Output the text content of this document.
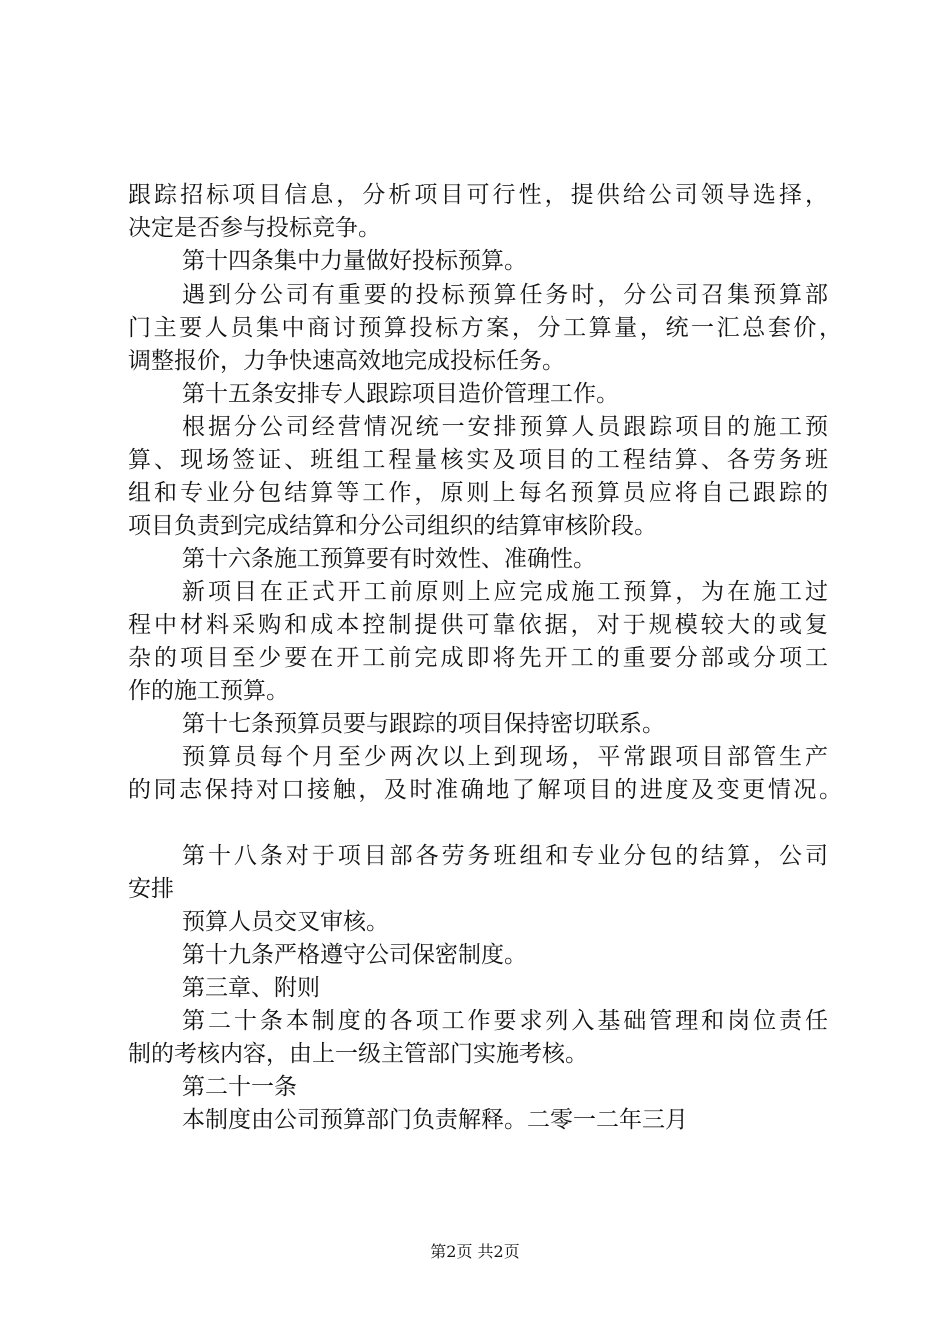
跟踪招标项目信息，分析项目可行性，提供给公司领导选择，
决定是否参与投标竞争。
第十四条集中力量做好投标预算。
遇到分公司有重要的投标预算任务时，分公司召集预算部
门主要人员集中商讨预算投标方案，分工算量，统一汇总套价，
调整报价，力争快速高效地完成投标任务。
第十五条安排专人跟踪项目造价管理工作。
根据分公司经营情况统一安排预算人员跟踪项目的施工预
算、现场签证、班组工程量核实及项目的工程结算、各劳务班
组和专业分包结算等工作，原则上每名预算员应将自己跟踪的
项目负责到完成结算和分公司组织的结算审核阶段。
第十六条施工预算要有时效性、准确性。
新项目在正式开工前原则上应完成施工预算，为在施工过
程中材料采购和成本控制提供可靠依据，对于规模较大的或复
杂的项目至少要在开工前完成即将先开工的重要分部或分项工
作的施工预算。
第十七条预算员要与跟踪的项目保持密切联系。
预算员每个月至少两次以上到现场，平常跟项目部管生产
的同志保持对口接触，及时准确地了解项目的进度及变更情况。
第十八条对于项目部各劳务班组和专业分包的结算，公司
安排
预算人员交叉审核。
第十九条严格遵守公司保密制度。
第三章、附则
第二十条本制度的各项工作要求列入基础管理和岗位责任
制的考核内容，由上一级主管部门实施考核。
第二十一条
本制度由公司预算部门负责解释。二零一二年三月
第2页 共2页
